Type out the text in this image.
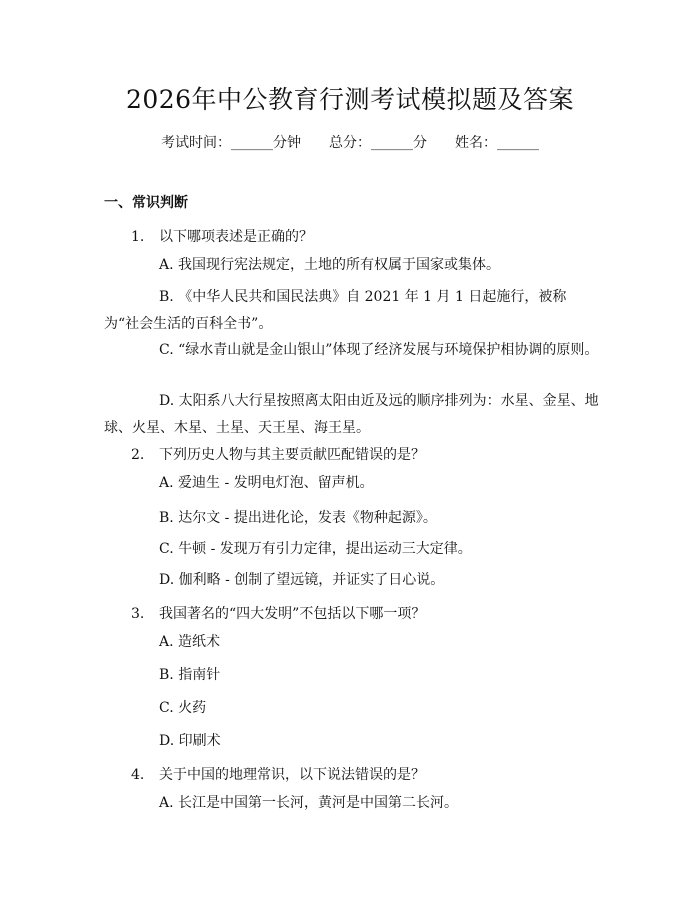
2026年中公教育行测考试模拟题及答案
考试时间：______分钟 总分：______分 姓名：______
一、常识判断
1. 以下哪项表述是正确的？
A. 我国现行宪法规定，土地的所有权属于国家或集体。
B. 《中华人民共和国民法典》自 2021 年 1 月 1 日起施行，被称为“社会生活的百科全书”。
C. “绿水青山就是金山银山”体现了经济发展与环境保护相协调的原则。
D. 太阳系八大行星按照离太阳由近及远的顺序排列为：水星、金星、地球、火星、木星、土星、天王星、海王星。
2. 下列历史人物与其主要贡献匹配错误的是？
A. 爱迪生 - 发明电灯泡、留声机。
B. 达尔文 - 提出进化论，发表《物种起源》。
C. 牛顿 - 发现万有引力定律，提出运动三大定律。
D. 伽利略 - 创制了望远镜，并证实了日心说。
3. 我国著名的“四大发明”不包括以下哪一项？
A. 造纸术
B. 指南针
C. 火药
D. 印刷术
4. 关于中国的地理常识，以下说法错误的是？
A. 长江是中国第一长河，黄河是中国第二长河。
